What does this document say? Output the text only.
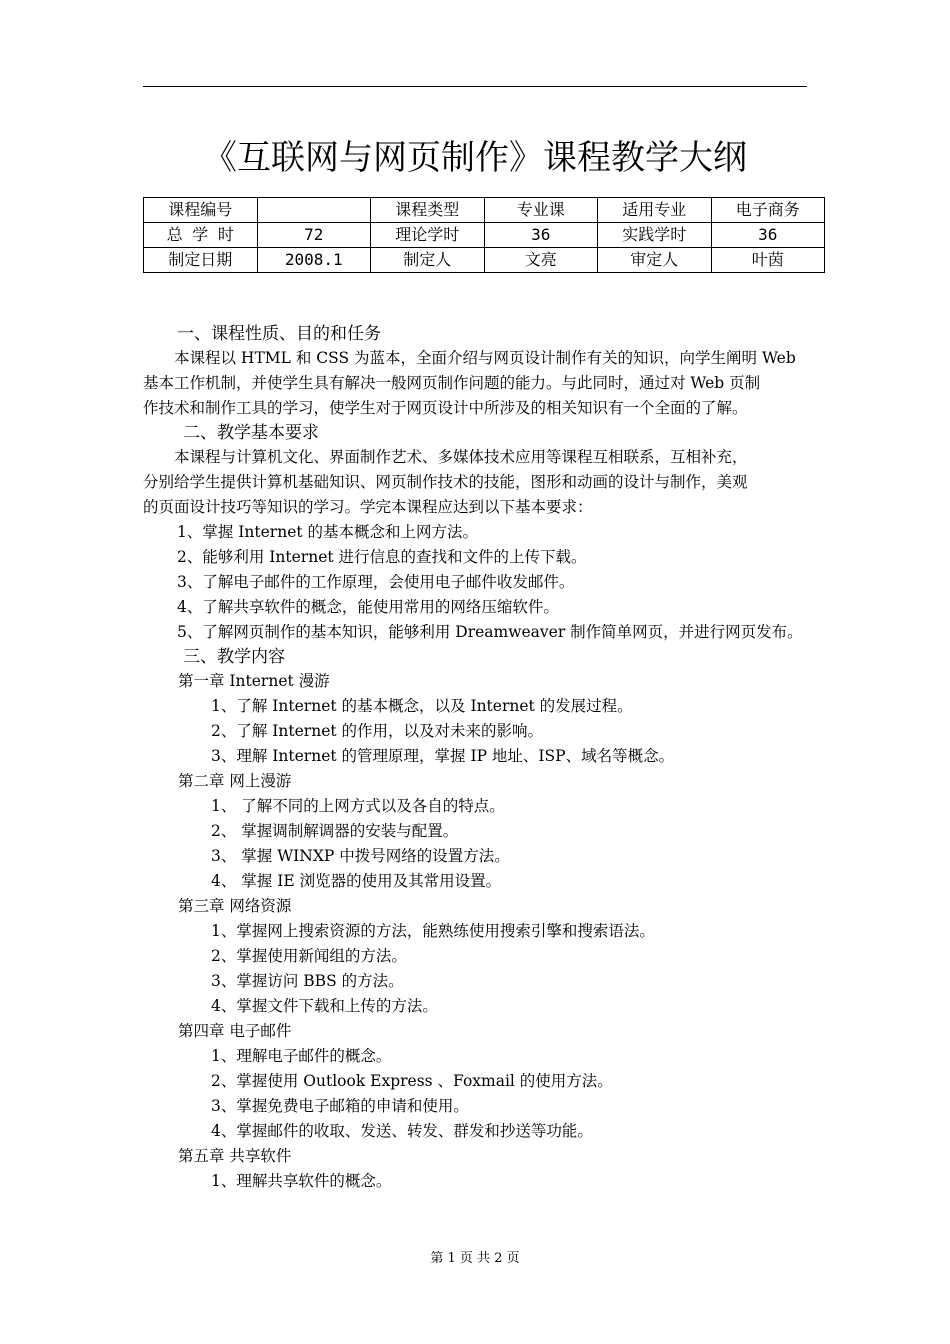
《互联网与网页制作》课程教学大纲
课程编号		课程类型	专业课	适用专业	电子商务
总 学 时	72	理论学时	36	实践学时	36
制定日期	2008.1	制定人	文亮	审定人	叶茵
一、课程性质、目的和任务
　　本课程以 HTML 和 CSS 为蓝本，全面介绍与网页设计制作有关的知识，向学生阐明 Web
基本工作机制，并使学生具有解决一般网页制作问题的能力。与此同时，通过对 Web 页制
作技术和制作工具的学习，使学生对于网页设计中所涉及的相关知识有一个全面的了解。
二、教学基本要求
　　本课程与计算机文化、界面制作艺术、多媒体技术应用等课程互相联系，互相补充，
分别给学生提供计算机基础知识、网页制作技术的技能，图形和动画的设计与制作，美观
的页面设计技巧等知识的学习。学完本课程应达到以下基本要求：
1、掌握 Internet 的基本概念和上网方法。
2、能够利用 Internet 进行信息的查找和文件的上传下载。
3、了解电子邮件的工作原理，会使用电子邮件收发邮件。
4、了解共享软件的概念，能使用常用的网络压缩软件。
5、了解网页制作的基本知识，能够利用 Dreamweaver 制作简单网页，并进行网页发布。
三、教学内容
第一章 Internet 漫游
1、了解 Internet 的基本概念，以及 Internet 的发展过程。
2、了解 Internet 的作用，以及对未来的影响。
3、理解 Internet 的管理原理，掌握 IP 地址、ISP、域名等概念。
第二章 网上漫游
1、 了解不同的上网方式以及各自的特点。
2、 掌握调制解调器的安装与配置。
3、 掌握 WINXP 中拨号网络的设置方法。
4、 掌握 IE 浏览器的使用及其常用设置。
第三章 网络资源
1、掌握网上搜索资源的方法，能熟练使用搜索引擎和搜索语法。
2、掌握使用新闻组的方法。
3、掌握访问 BBS 的方法。
4、掌握文件下载和上传的方法。
第四章 电子邮件
1、理解电子邮件的概念。
2、掌握使用 Outlook Express 、Foxmail 的使用方法。
3、掌握免费电子邮箱的申请和使用。
4、掌握邮件的收取、发送、转发、群发和抄送等功能。
第五章 共享软件
1、理解共享软件的概念。
第 1 页 共 2 页
